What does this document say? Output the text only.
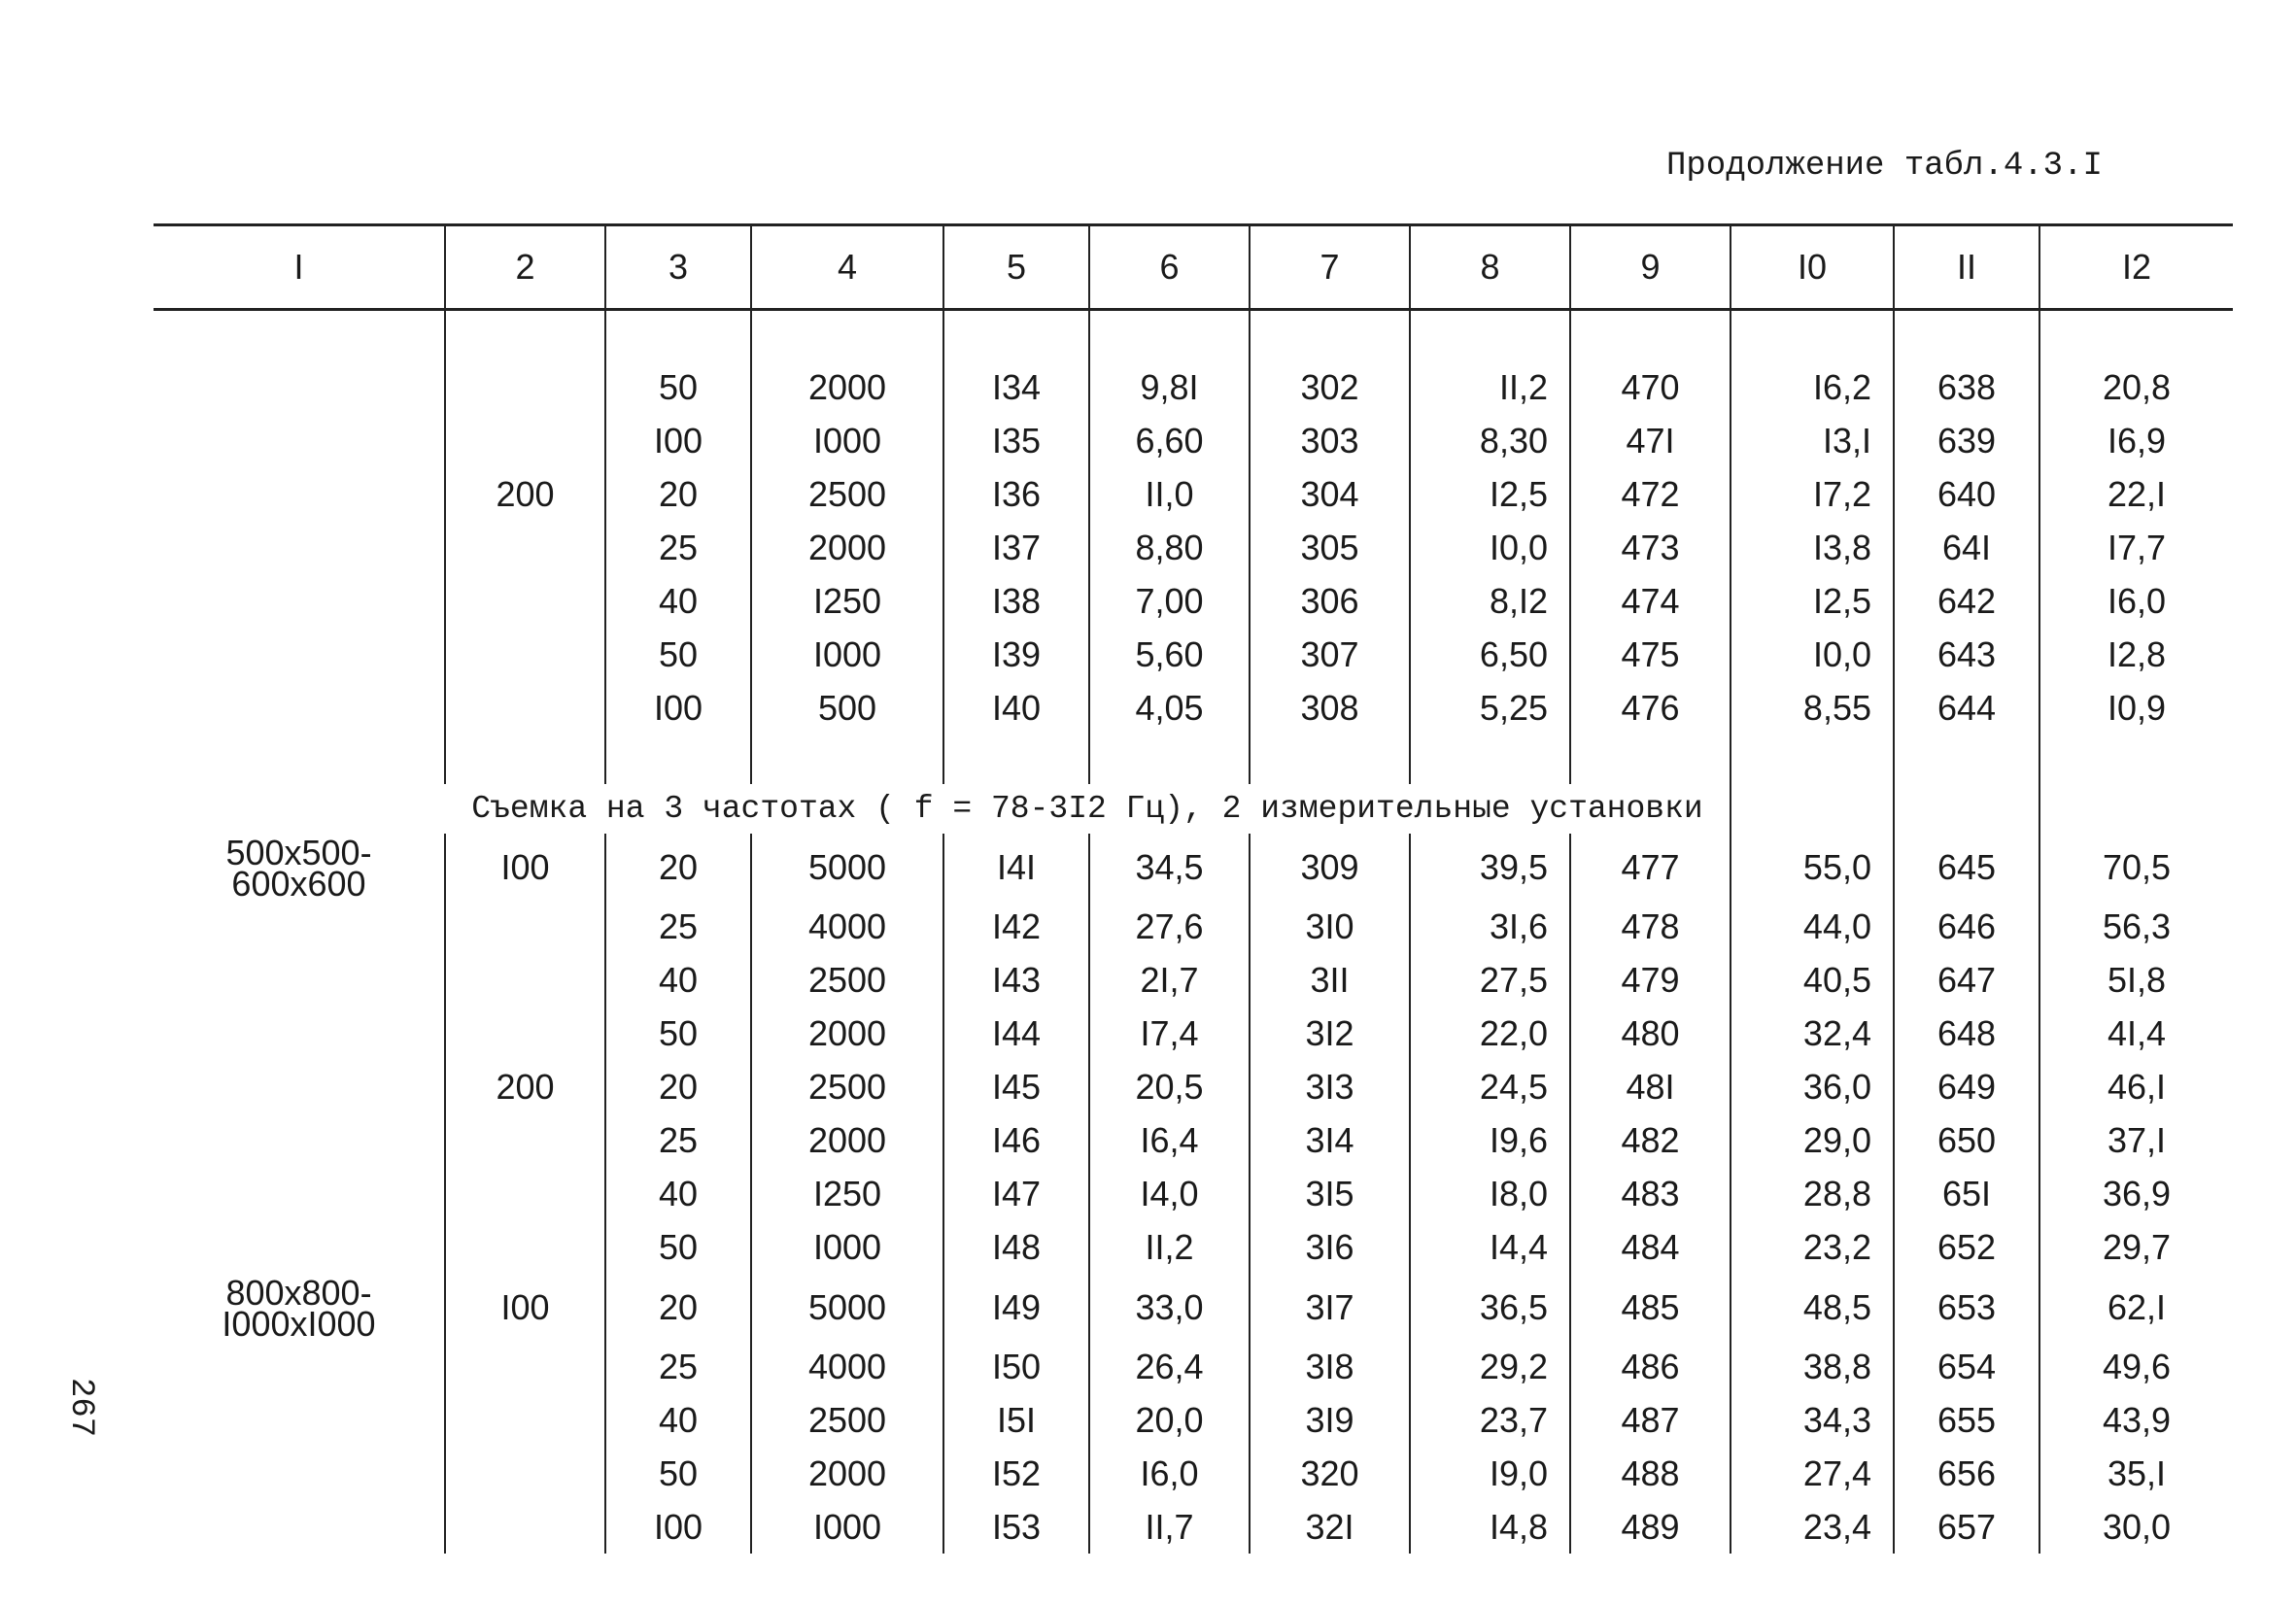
Продолжение табл.4.3.I
267
I	2	3	4	5	6	7	8	9	I0	II	I2

		50	2000	I34	9,8I	302	II,2	470	I6,2	638	20,8
		I00	I000	I35	6,60	303	8,30	47I	I3,I	639	I6,9
	200	20	2500	I36	II,0	304	I2,5	472	I7,2	640	22,I
		25	2000	I37	8,80	305	I0,0	473	I3,8	64I	I7,7
		40	I250	I38	7,00	306	8,I2	474	I2,5	642	I6,0
		50	I000	I39	5,60	307	6,50	475	I0,0	643	I2,8
		I00	500	I40	4,05	308	5,25	476	8,55	644	I0,9

	Съемка на 3 частотах ( f = 78-3I2 Гц), 2 измерительные установки										
500x500-
600x600	I00	20	5000	I4I	34,5	309	39,5	477	55,0	645	70,5
		25	4000	I42	27,6	3I0	3I,6	478	44,0	646	56,3
		40	2500	I43	2I,7	3II	27,5	479	40,5	647	5I,8
		50	2000	I44	I7,4	3I2	22,0	480	32,4	648	4I,4
	200	20	2500	I45	20,5	3I3	24,5	48I	36,0	649	46,I
		25	2000	I46	I6,4	3I4	I9,6	482	29,0	650	37,I
		40	I250	I47	I4,0	3I5	I8,0	483	28,8	65I	36,9
		50	I000	I48	II,2	3I6	I4,4	484	23,2	652	29,7
800x800-
I000xI000	I00	20	5000	I49	33,0	3I7	36,5	485	48,5	653	62,I
		25	4000	I50	26,4	3I8	29,2	486	38,8	654	49,6
		40	2500	I5I	20,0	3I9	23,7	487	34,3	655	43,9
		50	2000	I52	I6,0	320	I9,0	488	27,4	656	35,I
		I00	I000	I53	II,7	32I	I4,8	489	23,4	657	30,0
